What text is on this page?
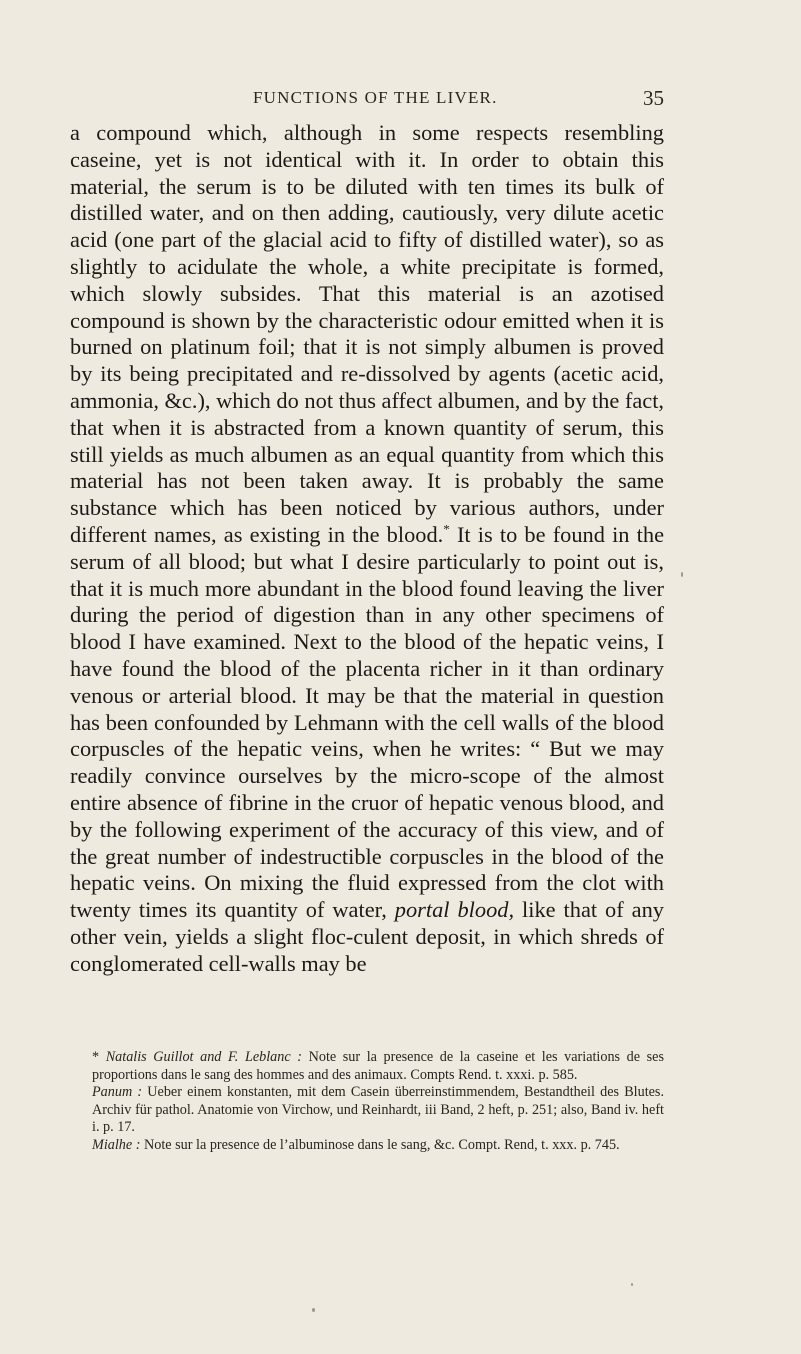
FUNCTIONS OF THE LIVER.	35

a compound which, although in some respects resembling caseine, yet is not identical with it. In order to obtain this material, the serum is to be diluted with ten times its bulk of distilled water, and on then adding, cautiously, very dilute acetic acid (one part of the glacial acid to fifty of distilled water), so as slightly to acidulate the whole, a white precipitate is formed, which slowly subsides. That this material is an azotised compound is shown by the characteristic odour emitted when it is burned on platinum foil; that it is not simply albumen is proved by its being precipitated and re-dissolved by agents (acetic acid, ammonia, &c.), which do not thus affect albumen, and by the fact, that when it is abstracted from a known quantity of serum, this still yields as much albumen as an equal quantity from which this material has not been taken away. It is probably the same substance which has been noticed by various authors, under different names, as existing in the blood.* It is to be found in the serum of all blood; but what I desire particularly to point out is, that it is much more abundant in the blood found leaving the liver during the period of digestion than in any other specimens of blood I have examined. Next to the blood of the hepatic veins, I have found the blood of the placenta richer in it than ordinary venous or arterial blood. It may be that the material in question has been confounded by Lehmann with the cell walls of the blood corpuscles of the hepatic veins, when he writes: “ But we may readily convince ourselves by the micro-scope of the almost entire absence of fibrine in the cruor of hepatic venous blood, and by the following experiment of the accuracy of this view, and of the great number of indestructible corpuscles in the blood of the hepatic veins. On mixing the fluid expressed from the clot with twenty times its quantity of water, portal blood, like that of any other vein, yields a slight floc-culent deposit, in which shreds of conglomerated cell-walls may be

* Natalis Guillot and F. Leblanc : Note sur la presence de la caseine et les variations de ses proportions dans le sang des hommes and des animaux. Compts Rend. t. xxxi. p. 585.

Panum : Ueber einem konstanten, mit dem Casein überreinstimmendem, Bestandtheil des Blutes. Archiv für pathol. Anatomie von Virchow, und Reinhardt, iii Band, 2 heft, p. 251; also, Band iv. heft i. p. 17.

Mialhe : Note sur la presence de l’albuminose dans le sang, &c. Compt. Rend, t. xxx. p. 745.
